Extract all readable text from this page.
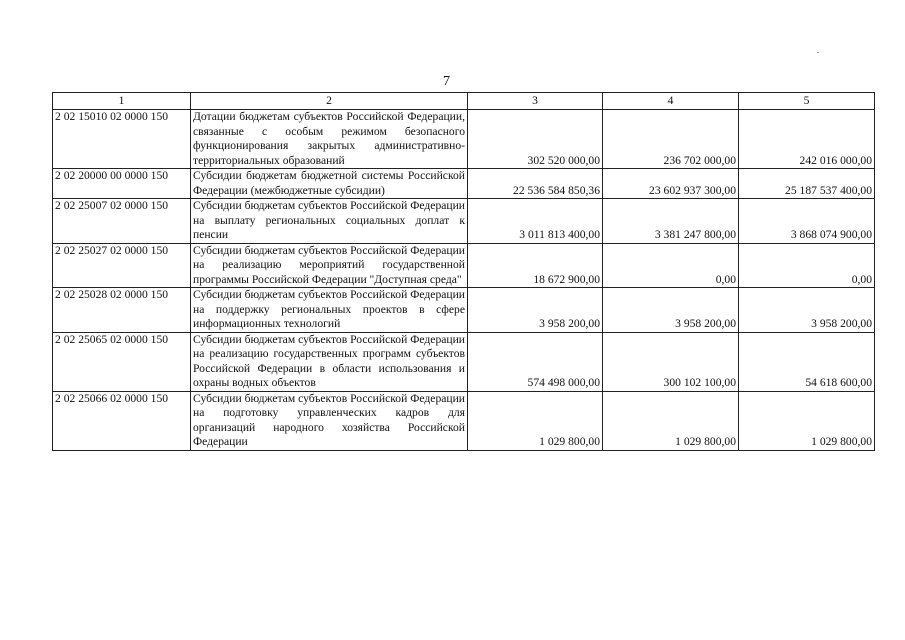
7
1	2	3	4	5
2 02 15010 02 0000 150	Дотации бюджетам субъектов Российской Федерации, связанные с особым режимом безопасного функционирования закрытых административно-территориальных образований	302 520 000,00	236 702 000,00	242 016 000,00
2 02 20000 00 0000 150	Субсидии бюджетам бюджетной системы Российской Федерации (межбюджетные субсидии)	22 536 584 850,36	23 602 937 300,00	25 187 537 400,00
2 02 25007 02 0000 150	Субсидии бюджетам субъектов Российской Федерации на выплату региональных социальных доплат к пенсии	3 011 813 400,00	3 381 247 800,00	3 868 074 900,00
2 02 25027 02 0000 150	Субсидии бюджетам субъектов Российской Федерации на реализацию мероприятий государственной программы Российской Федерации "Доступная среда"	18 672 900,00	0,00	0,00
2 02 25028 02 0000 150	Субсидии бюджетам субъектов Российской Федерации на поддержку региональных проектов в сфере информационных технологий	3 958 200,00	3 958 200,00	3 958 200,00
2 02 25065 02 0000 150	Субсидии бюджетам субъектов Российской Федерации на реализацию государственных программ субъектов Российской Федерации в области использования и охраны водных объектов	574 498 000,00	300 102 100,00	54 618 600,00
2 02 25066 02 0000 150	Субсидии бюджетам субъектов Российской Федерации на подготовку управленческих кадров для организаций народного хозяйства Российской Федерации	1 029 800,00	1 029 800,00	1 029 800,00
